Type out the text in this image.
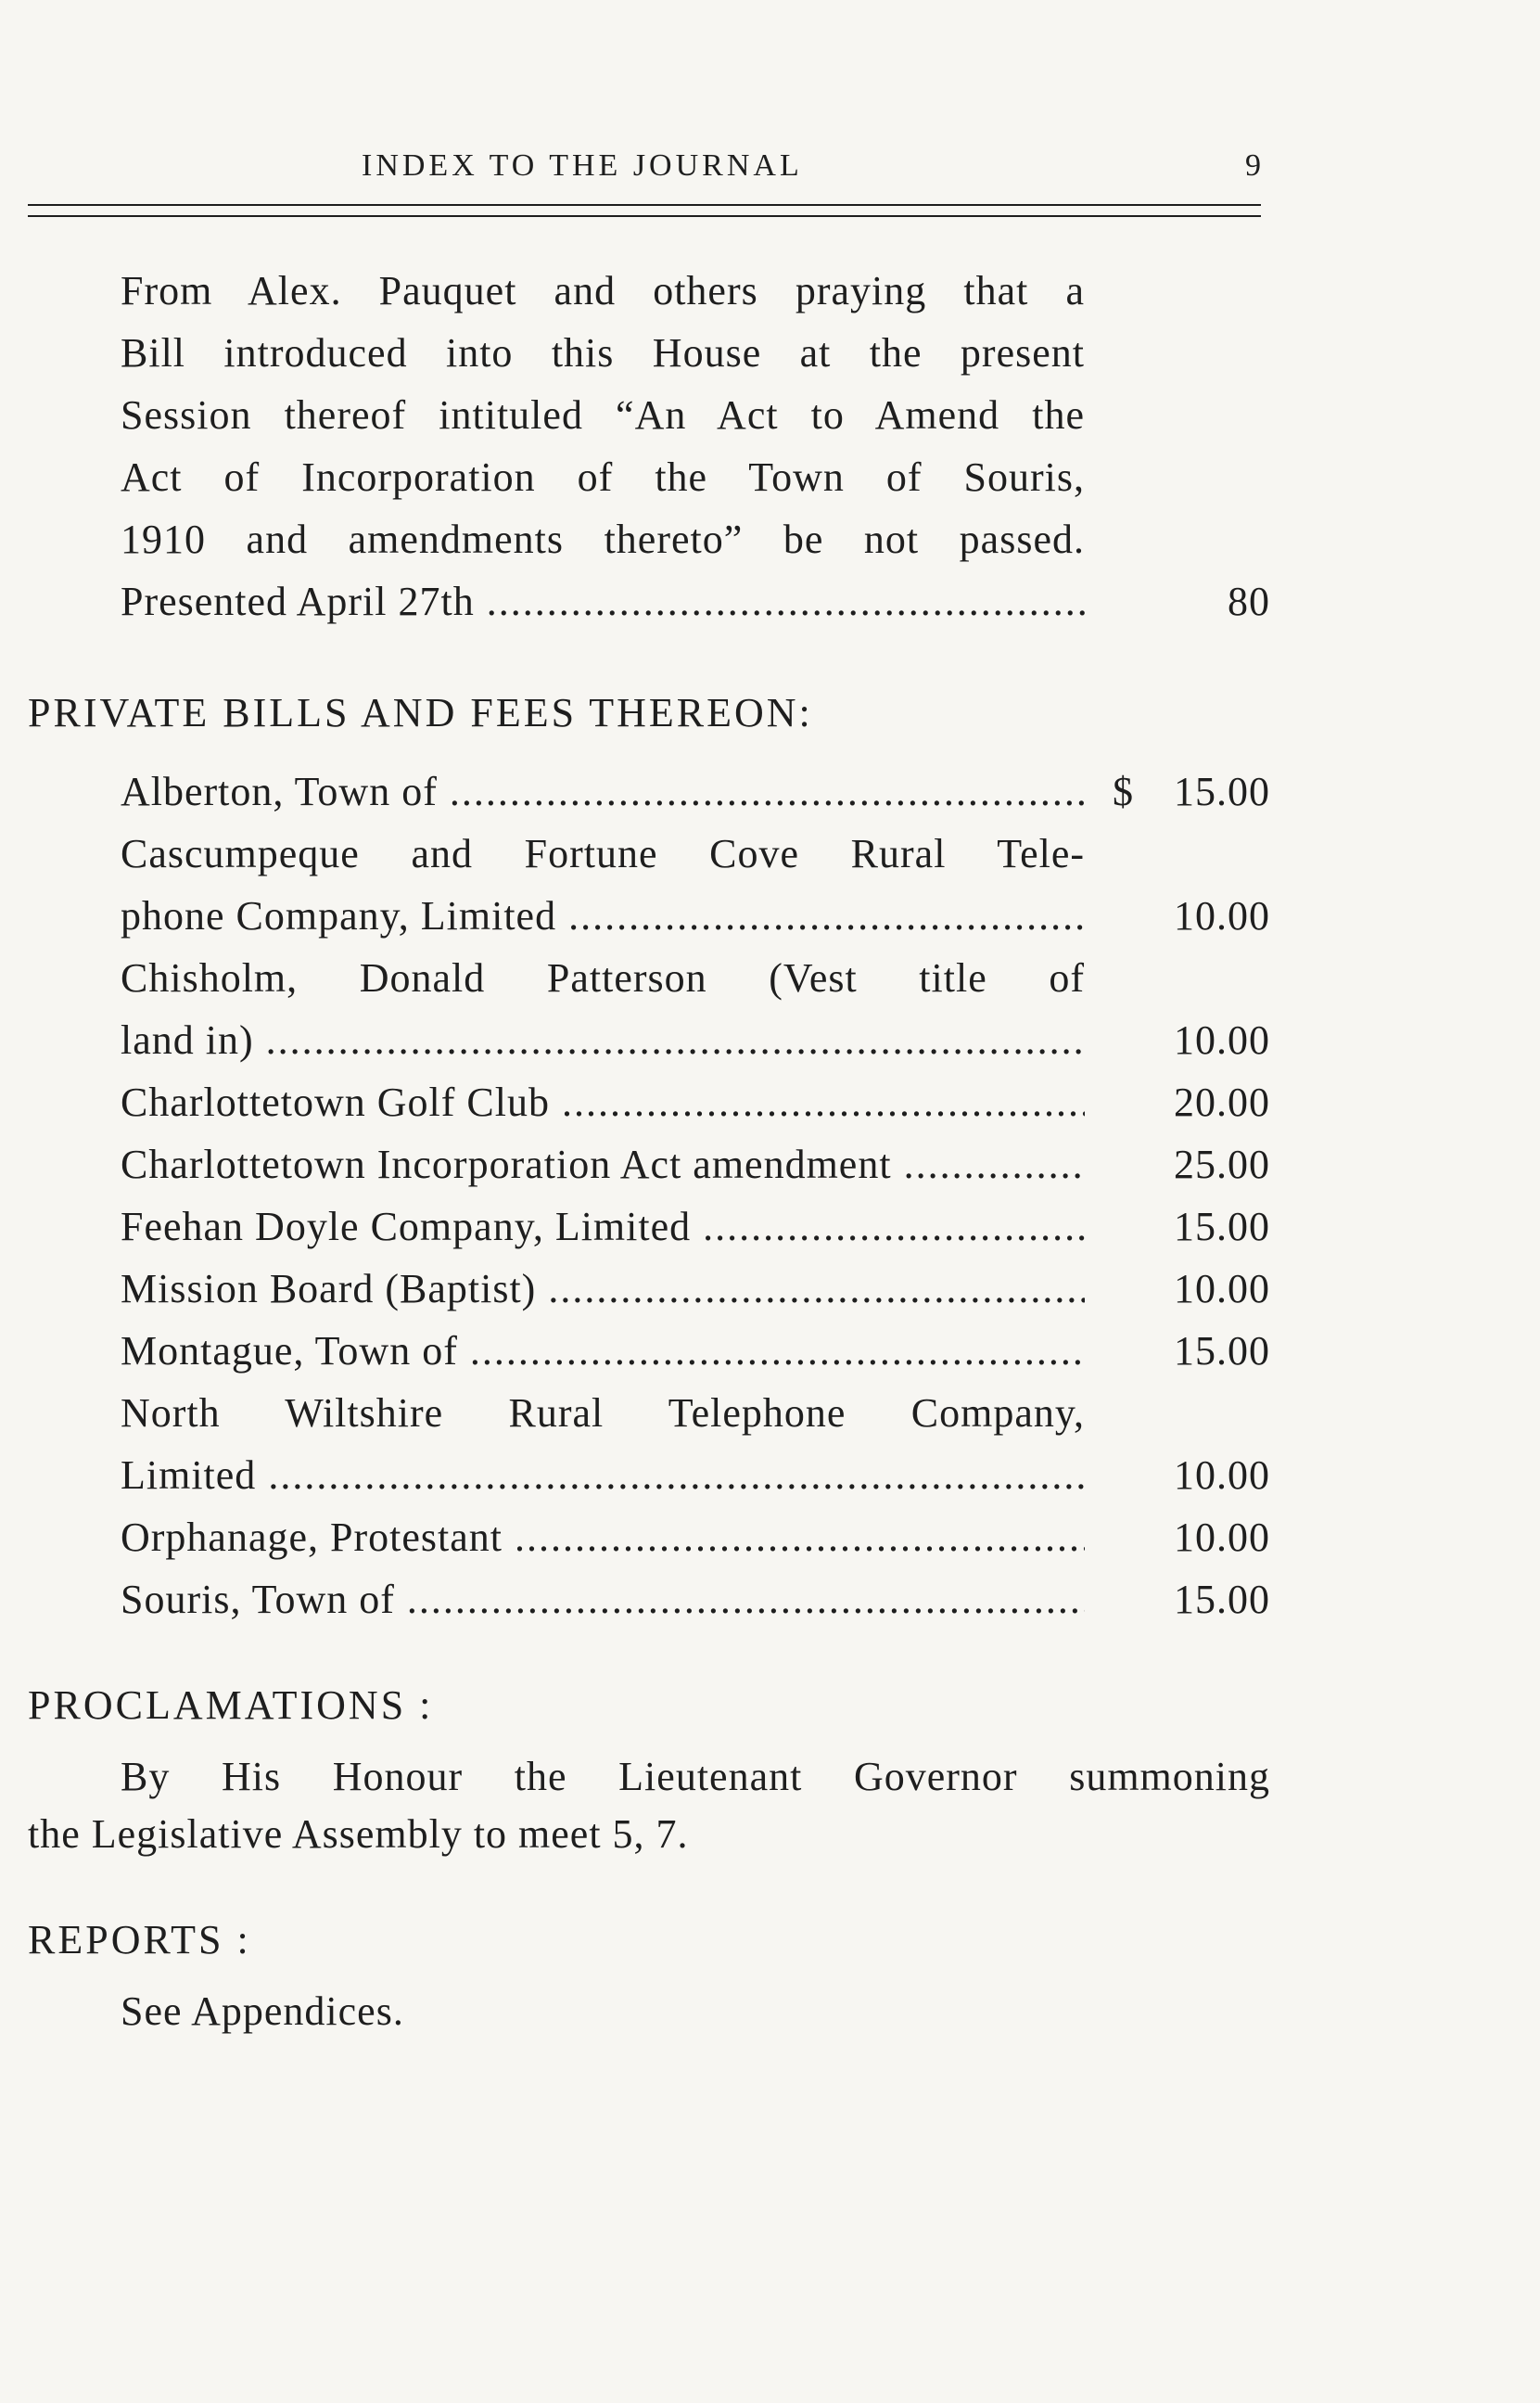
INDEX TO THE JOURNAL	9
From Alex. Pauquet and others praying that a
Bill introduced into this House at the present
Session thereof intituled “An Act to Amend the
Act of Incorporation of the Town of Souris,
1910 and amendments thereto” be not passed.
Presented April 27th .....	80
PRIVATE BILLS AND FEES THEREON:
Alberton, Town of .....	$ 15.00
Cascumpeque and Fortune Cove Rural Tele-
phone Company, Limited .....	10.00
Chisholm, Donald Patterson (Vest title of
land in) .....	10.00
Charlottetown Golf Club .....	20.00
Charlottetown Incorporation Act amendment .....	25.00
Feehan Doyle Company, Limited .....	15.00
Mission Board (Baptist) .....	10.00
Montague, Town of .....	15.00
North Wiltshire Rural Telephone Company,
Limited .....	10.00
Orphanage, Protestant .....	10.00
Souris, Town of .....	15.00
PROCLAMATIONS :
By His Honour the Lieutenant Governor summoning
the Legislative Assembly to meet 5, 7.
REPORTS :
See Appendices.
